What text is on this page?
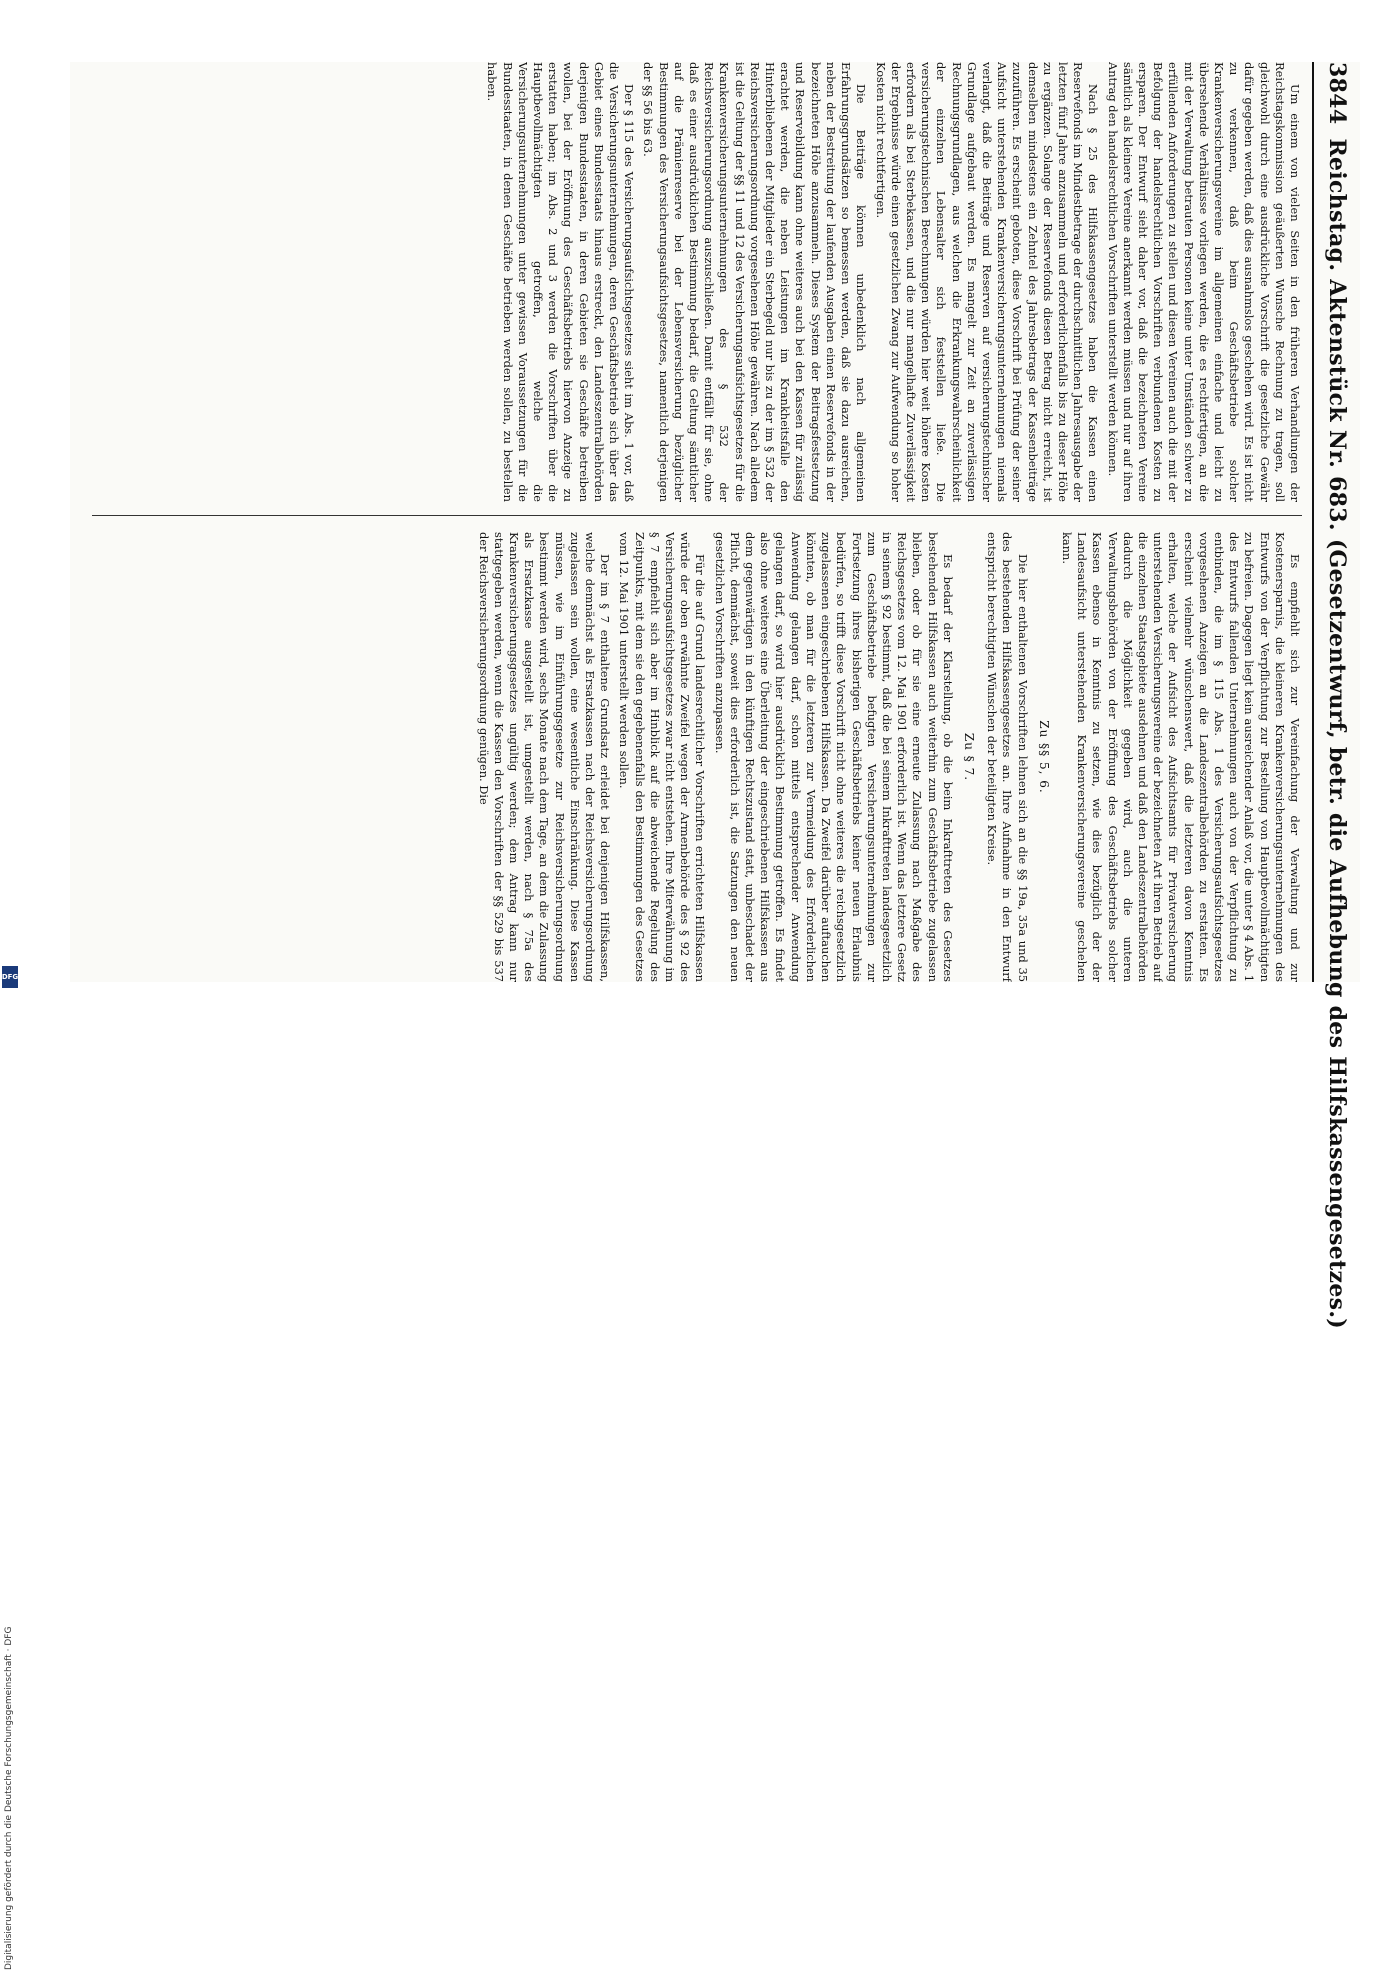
3844
Reichstag. Aktenstück Nr. 683. (Gesetzentwurf, betr. die Aufhebung des Hilfskassengesetzes.)

Um einem von vielen Seiten in den früheren Verhandlungen der Reichstagskommission geäußerten Wunsche Rechnung zu tragen, soll gleichwohl durch eine ausdrückliche Vorschrift die gesetzliche Gewähr dafür gegeben werden, daß dies ausnahmslos geschehen wird. Es ist nicht zu verkennen, daß beim Geschäftsbetriebe solcher Krankenversicherungsvereine im allgemeinen einfache und leicht zu übersehende Verhältnisse vorliegen werden, die es rechtfertigen, an die mit der Verwaltung betrauten Personen keine unter Umständen schwer zu erfüllenden Anforderungen zu stellen und diesen Vereinen auch die mit der Befolgung der handelsrechtlichen Vorschriften verbundenen Kosten zu ersparen. Der Entwurf sieht daher vor, daß die bezeichneten Vereine sämtlich als kleinere Vereine anerkannt werden müssen und nur auf ihren Antrag den handelsrechtlichen Vorschriften unterstellt werden können.

Nach § 25 des Hilfskassengesetzes haben die Kassen einen Reservefonds im Mindestbetrage der durchschnittlichen Jahresausgabe der letzten fünf Jahre anzusammeln und erforderlichenfalls bis zu dieser Höhe zu ergänzen. Solange der Reservefonds diesen Betrag nicht erreicht, ist demselben mindestens ein Zehntel des Jahresbetrags der Kassenbeiträge zuzuführen. Es erscheint geboten, diese Vorschrift bei Prüfung der seiner Aufsicht unterstehenden Krankenversicherungsunternehmungen niemals verlangt, daß die Beiträge und Reserven auf versicherungstechnischer Grundlage aufgebaut werden. Es mangelt zur Zeit an zuverlässigen Rechnungsgrundlagen, aus welchen die Erkrankungswahrscheinlichkeit der einzelnen Lebensalter sich feststellen ließe. Die versicherungstechnischen Berechnungen würden hier weit höhere Kosten erfordern als bei Sterbekassen, und die nur mangelhafte Zuverlässigkeit der Ergebnisse würde einen gesetzlichen Zwang zur Aufwendung so hoher Kosten nicht rechtfertigen.

Die Beiträge können unbedenklich nach allgemeinen Erfahrungsgrundsätzen so bemessen werden, daß sie dazu ausreichen, neben der Bestreitung der laufenden Ausgaben einen Reservefonds in der bezeichneten Höhe anzusammeln. Dieses System der Beitragsfestsetzung und Reservebildung kann ohne weiteres auch bei den Kassen für zulässig erachtet werden, die neben Leistungen im Krankheitsfalle den Hinterbliebenen der Mitglieder ein Sterbegeld nur bis zu der im § 532 der Reichsversicherungsordnung vorgesehenen Höhe gewähren. Nach alledem ist die Geltung der §§ 11 und 12 des Versicherungsaufsichtsgesetzes für die Krankenversicherungsunternehmungen des § 532 der Reichsversicherungsordnung auszuschließen. Damit entfällt für sie, ohne daß es einer ausdrücklichen Bestimmung bedarf, die Geltung sämtlicher auf die Prämienreserve bei der Lebensversicherung bezüglicher Bestimmungen des Versicherungsaufsichtsgesetzes, namentlich derjenigen der §§ 56 bis 63.

Der § 115 des Versicherungsaufsichtsgesetzes sieht im Abs. 1 vor, daß die Versicherungsunternehmungen, deren Geschäftsbetrieb sich über das Gebiet eines Bundesstaats hinaus erstreckt, den Landeszentralbehörden derjenigen Bundesstaaten, in deren Gebieten sie Geschäfte betreiben wollen, bei der Eröffnung des Geschäftsbetriebs hiervon Anzeige zu erstatten haben; im Abs. 2 und 3 werden die Vorschriften über die Hauptbevollmächtigten getroffen, welche die Versicherungsunternehmungen unter gewissen Voraussetzungen für die Bundesstaaten, in denen Geschäfte betrieben werden sollen, zu bestellen haben.

Es empfiehlt sich zur Vereinfachung der Verwaltung und zur Kostenersparnis, die kleineren Krankenversicherungsunternehmungen des Entwurfs von der Verpflichtung zur Bestellung von Hauptbevollmächtigten zu befreien. Dagegen liegt kein ausreichender Anlaß vor, die unter § 4 Abs. 1 des Entwurfs fallenden Unternehmungen auch von der Verpflichtung zu entbinden, die im § 115 Abs. 1 des Versicherungsaufsichtsgesetzes vorgesehenen Anzeigen an die Landeszentralbehörden zu erstatten. Es erscheint vielmehr wünschenswert, daß die letzteren davon Kenntnis erhalten, welche der Aufsicht des Aufsichtsamts für Privatversicherung unterstehenden Versicherungsvereine der bezeichneten Art ihren Betrieb auf die einzelnen Staatsgebiete ausdehnen und daß den Landeszentralbehörden dadurch die Möglichkeit gegeben wird, auch die unteren Verwaltungsbehörden von der Eröffnung des Geschäftsbetriebs solcher Kassen ebenso in Kenntnis zu setzen, wie dies bezüglich der der Landesaufsicht unterstehenden Krankenversicherungsvereine geschehen kann.

Zu §§ 5, 6.

Die hier enthaltenen Vorschriften lehnen sich an die §§ 19a, 35a und 35 des bestehenden Hilfskassengesetzes an. Ihre Aufnahme in den Entwurf entspricht berechtigten Wünschen der beteiligten Kreise.

Zu § 7.

Es bedarf der Klarstellung, ob die beim Inkrafttreten des Gesetzes bestehenden Hilfskassen auch weiterhin zum Geschäftsbetriebe zugelassen bleiben, oder ob für sie eine erneute Zulassung nach Maßgabe des Reichsgesetzes vom 12. Mai 1901 erforderlich ist. Wenn das letztere Gesetz in seinem § 92 bestimmt, daß die bei seinem Inkrafttreten landesgesetzlich zum Geschäftsbetriebe befugten Versicherungsunternehmungen zur Fortsetzung ihres bisherigen Geschäftsbetriebs keiner neuen Erlaubnis bedürfen, so trifft diese Vorschrift nicht ohne weiteres die reichsgesetzlich zugelassenen eingeschriebenen Hilfskassen. Da Zweifel darüber auftauchen könnten, ob man für die letzteren zur Vermeidung des Erforderlichen Anwendung gelangen darf, schon mittels entsprechender Anwendung gelangen darf, so wird hier ausdrücklich Bestimmung getroffen. Es findet also ohne weiteres eine Überleitung der eingeschriebenen Hilfskassen aus dem gegenwärtigen in den künftigen Rechtszustand statt, unbeschadet der Pflicht, demnächst, soweit dies erforderlich ist, die Satzungen den neuen gesetzlichen Vorschriften anzupassen.

Für die auf Grund landesrechtlicher Vorschriften errichteten Hilfskassen würde der oben erwähnte Zweifel wegen der Armenbehörde des § 92 des Versicherungsaufsichtsgesetzes zwar nicht entstehen. Ihre Miterwähnung im § 7 empfiehlt sich aber im Hinblick auf die abweichende Regelung des Zeitpunkts, mit dem sie den gegebenenfalls den Bestimmungen des Gesetzes vom 12. Mai 1901 unterstellt werden sollen.

Der im § 7 enthaltene Grundsatz erleidet bei denjenigen Hilfskassen, welche demnächst als Ersatzkassen nach der Reichsversicherungsordnung zugelassen sein wollen, eine wesentliche Einschränkung. Diese Kassen müssen, wie im Einführungsgesetze zur Reichsversicherungsordnung bestimmt werden wird, sechs Monate nach dem Tage, an dem die Zulassung als Ersatzkasse ausgestellt ist, umgestellt werden, nach § 75a des Krankenversicherungsgesetzes ungültig werden; dem Antrag kann nur stattgegeben werden, wenn die Kassen den Vorschriften der §§ 529 bis 537 der Reichsversicherungsordnung genügen. Die

Digitalisierung gefördert durch die Deutsche Forschungsgemeinschaft · DFG
DFG
